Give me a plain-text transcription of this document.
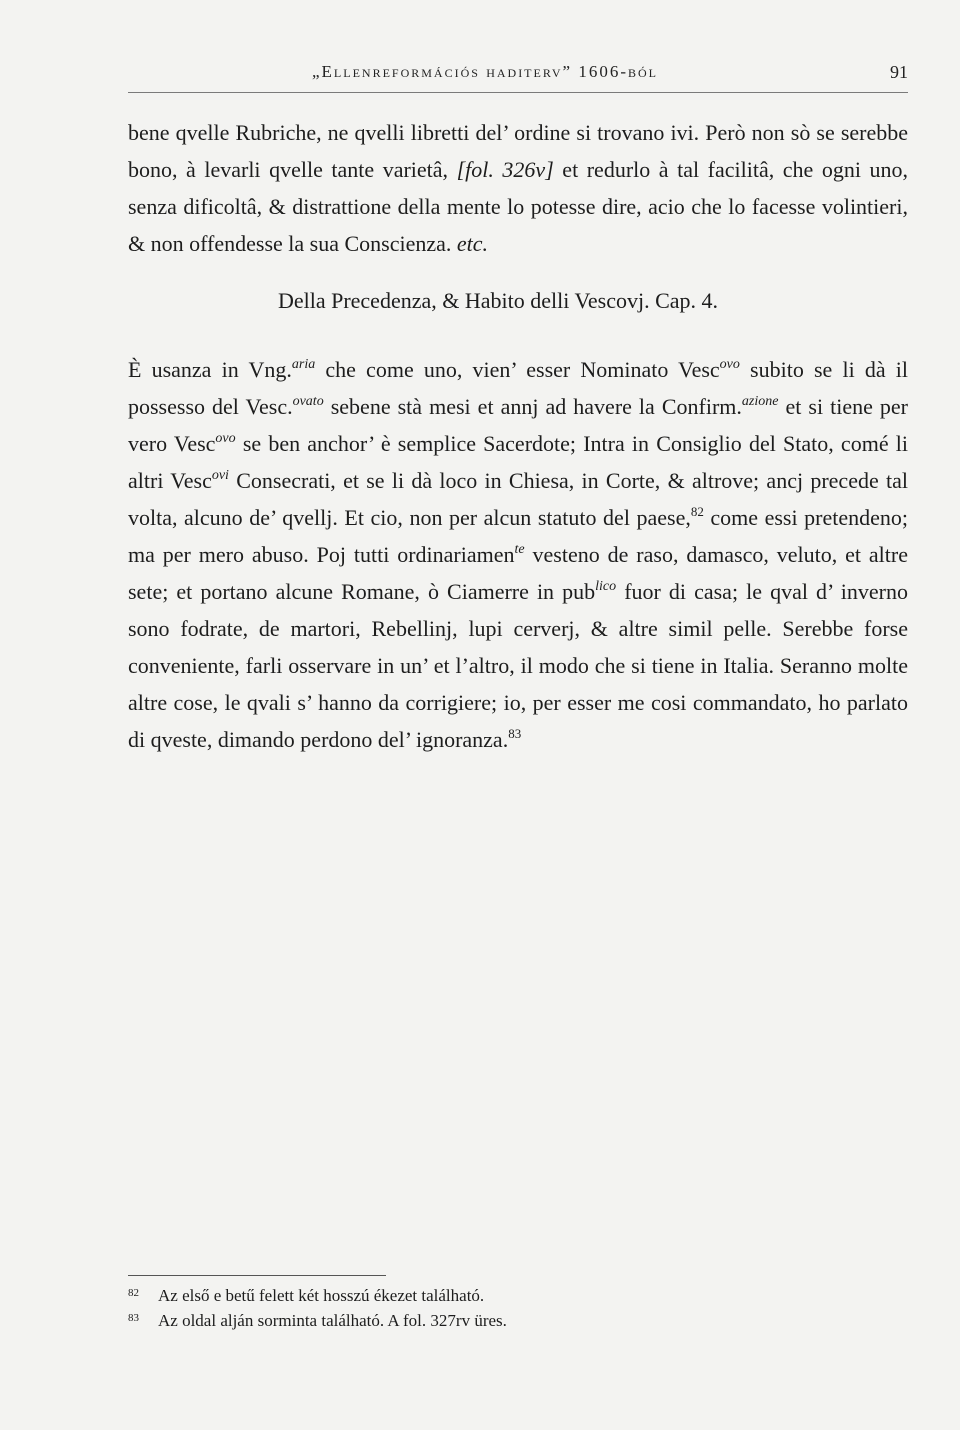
„Ellenreformációs haditerv” 1606-ból	91

bene qvelle Rubriche, ne qvelli libretti del’ ordine si trovano ivi. Però non sò se serebbe bono, à levarli qvelle tante varietâ, [fol. 326v] et redurlo à tal facilitâ, che ogni uno, senza dificoltâ, & distrattione della mente lo potesse dire, acio che lo facesse volintieri, & non offendesse la sua Conscienza. etc.

Della Precedenza, & Habito delli Vescovj. Cap. 4.

È usanza in Vng.$^{aria}$ che come uno, vien’ esser Nominato Vesc$^{ovo}$ subito se li dà il possesso del Vesc.$^{ovato}$ sebene stà mesi et annj ad havere la Confirm.$^{azione}$ et si tiene per vero Vesc$^{ovo}$ se ben anchor’ è semplice Sacerdote; Intra in Consiglio del Stato, comé li altri Vesc$^{ovi}$ Consecrati, et se li dà loco in Chiesa, in Corte, & altrove; ancj precede tal volta, alcuno de’ qvellj. Et cio, non per alcun statuto del paese,$^{82}$ come essi pretendeno; ma per mero abuso. Poj tutti ordinariamen$^{te}$ vesteno de raso, damasco, veluto, et altre sete; et portano alcune Romane, ò Ciamerre in pub$^{lico}$ fuor di casa; le qval d’ inverno sono fodrate, de martori, Rebellinj, lupi cerverj, & altre simil pelle. Serebbe forse conveniente, farli osservare in un’ et l’altro, il modo che si tiene in Italia. Seranno molte altre cose, le qvali s’ hanno da corrigiere; io, per esser me cosi commandato, ho parlato di qveste, dimando perdono del’ ignoranza.$^{83}$

82	Az első e betű felett két hosszú ékezet található.
83	Az oldal alján sorminta található. A fol. 327rv üres.
